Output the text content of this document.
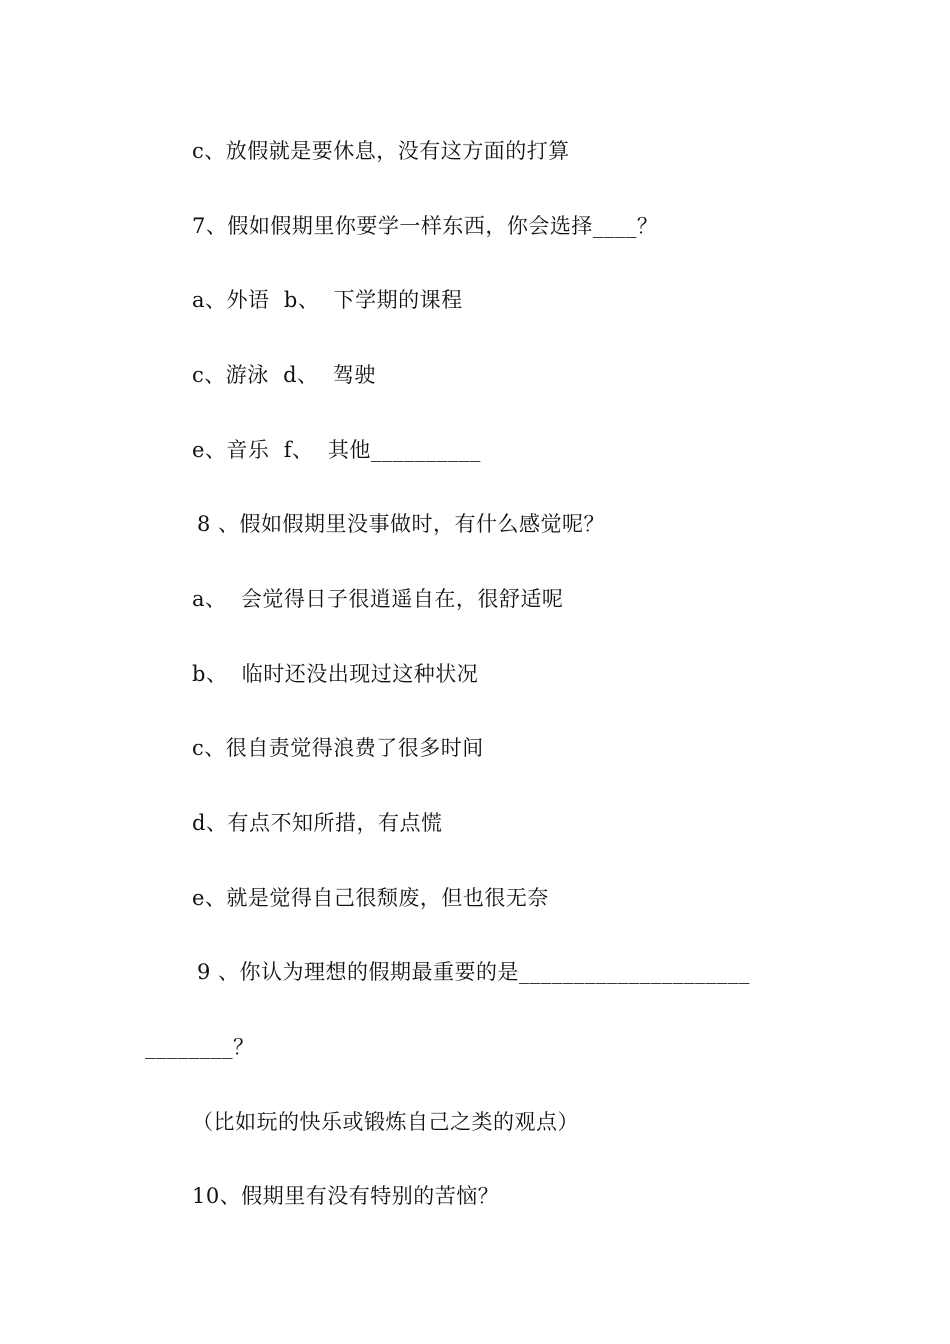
c、放假就是要休息，没有这方面的打算
7、假如假期里你要学一样东西，你会选择____？
a、外语  b、  下学期的课程
c、游泳  d、  驾驶
e、音乐  f、  其他__________
8 、假如假期里没事做时，有什么感觉呢？
a、  会觉得日子很逍遥自在，很舒适呢
b、  临时还没出现过这种状况
c、很自责觉得浪费了很多时间
d、有点不知所措，有点慌
e、就是觉得自己很颓废，但也很无奈
9 、你认为理想的假期最重要的是_____________________
________？
（比如玩的快乐或锻炼自己之类的观点）
10、假期里有没有特别的苦恼？
